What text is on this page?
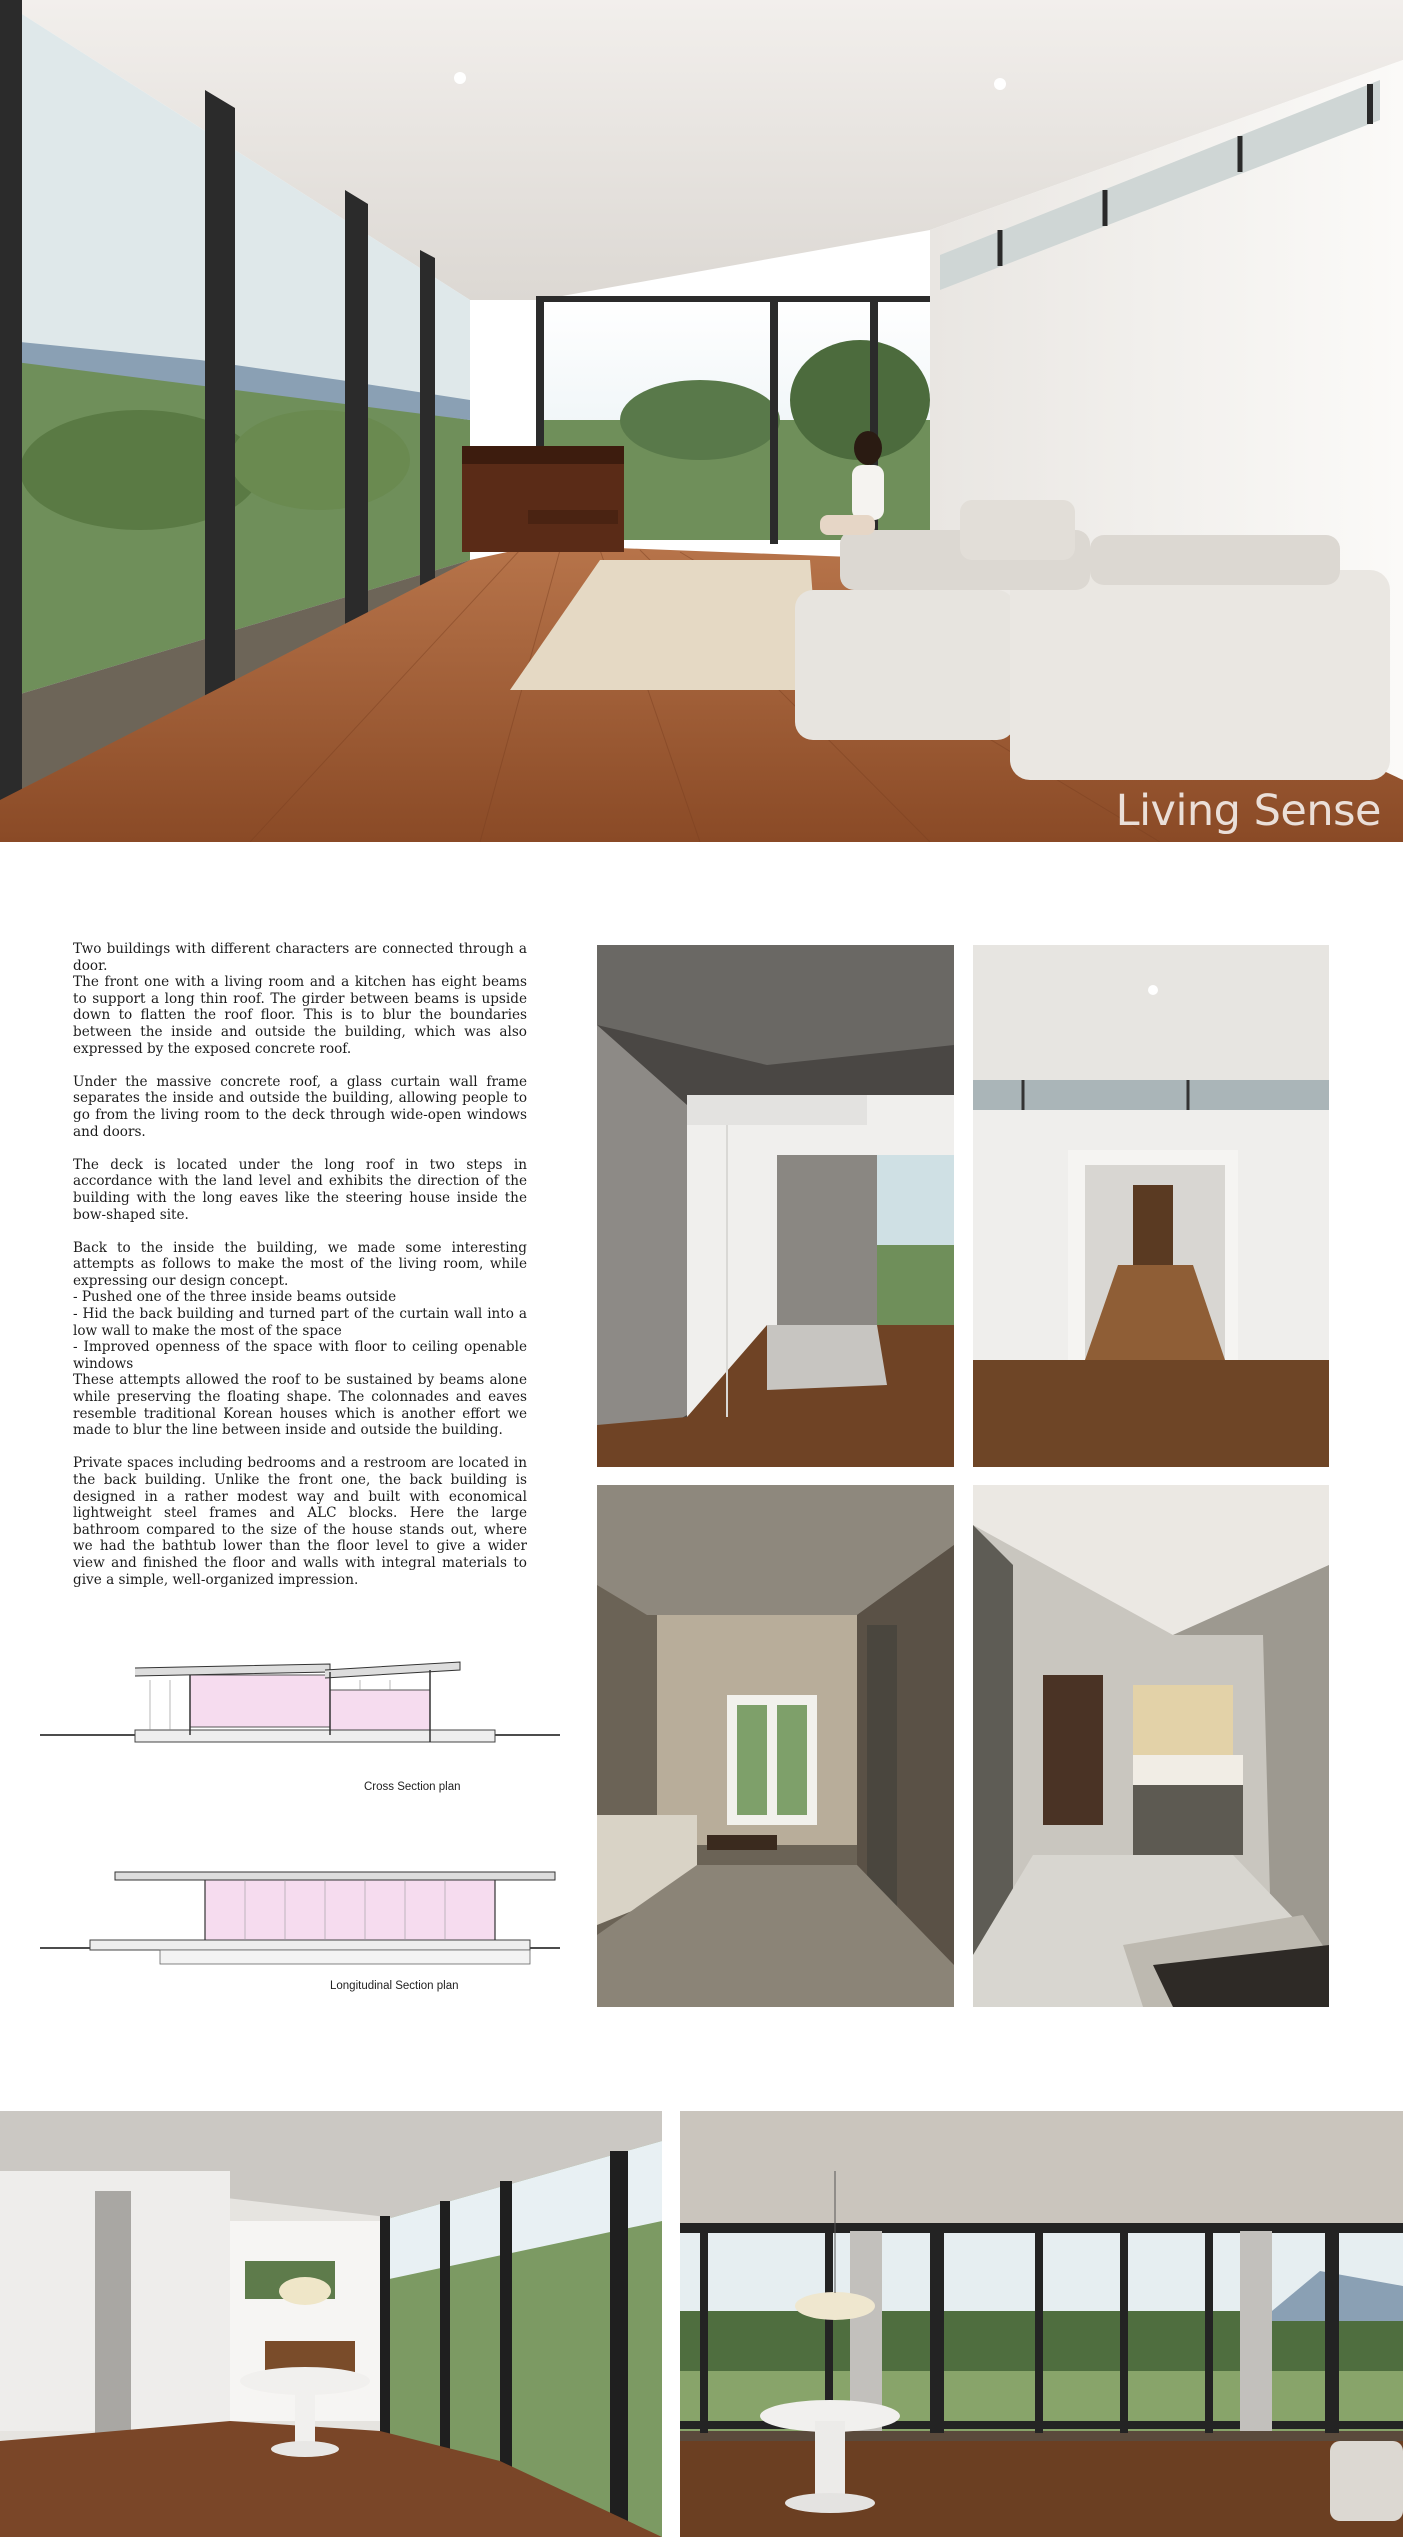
Living Sense

Two buildings with different characters are connected through a door.

The front one with a living room and a kitchen has eight beams to support a long thin roof. The girder between beams is upside down to flatten the roof floor. This is to blur the boundaries between the inside and outside the building, which was also expressed by the exposed concrete roof.

Under the massive concrete roof, a glass curtain wall frame separates the inside and outside the building, allowing people to go from the living room to the deck through wide-open windows and doors.

The deck is located under the long roof in two steps in accordance with the land level and exhibits the direction of the building with the long eaves like the steering house inside the bow-shaped site.

Back to the inside the building, we made some interesting attempts as follows to make the most of the living room, while expressing our design concept.

- Pushed one of the three inside beams outside

- Hid the back building and turned part of the curtain wall into a low wall to make the most of the space

- Improved openness of the space with floor to ceiling openable windows

These attempts allowed the roof to be sustained by beams alone while preserving the floating shape. The colonnades and eaves resemble traditional Korean houses which is another effort we made to blur the line between inside and outside the building.

Private spaces including bedrooms and a restroom are located in the back building. Unlike the front one, the back building is designed in a rather modest way and built with economical lightweight steel frames and ALC blocks. Here the large bathroom compared to the size of the house stands out, where we had the bathtub lower than the floor level to give a wider view and finished the floor and walls with integral materials to give a simple, well-organized impression.

Cross Section plan
Longitudinal Section plan
